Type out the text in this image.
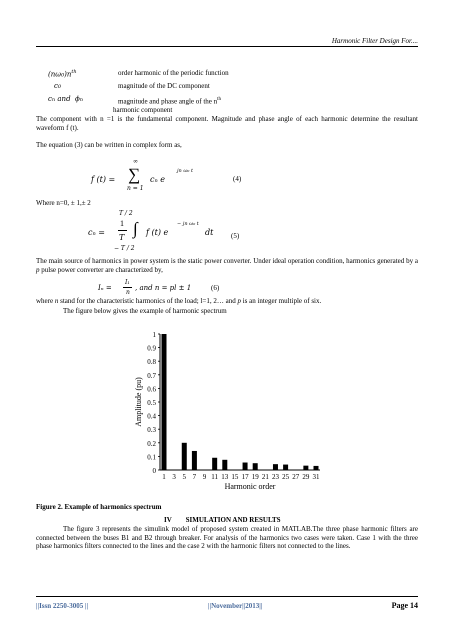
Harmonic Filter Design For....
$(n\omega 0)n^{th}$	order harmonic of the periodic function
c0	magnitude of the DC component
cn and  ϕn	magnitude and phase angle of the $n^{th}$
harmonic component

The component with n =1 is the fundamental component. Magnitude and phase angle of each harmonic determine the resultant waveform f (t).

The equation (3) can be written in complex form as,

f (t) =
∞
∑
n = 1
cₙ e
jn ω₀ t
(4)
Where n=0, ± 1,± 2
cₙ =
1
T
T / 2
∫
− T / 2
f (t) e
− jn ω₀ t
dt	(5)

The main source of harmonics in power system is the static power converter. Under ideal operation condition, harmonics generated by a p pulse power converter are characterized by,

Iₙ =
I₁
n
, and n = pl ± 1	(6)

where n stand for the characteristic harmonics of the load; l=1, 2… and p is an integer multiple of six.

The figure below gives the example of harmonic spectrum

0
0.1
0.2
0.3
0.4
0.5
0.6
0.7
0.8
0.9
1
1 3 5 7 9 11 13 15 17 19 21 23 25 27 29 31
Amplitude (pu)
Harmonic order
Figure 2. Example of harmonics spectrum
IV        SIMULATION AND RESULTS

The figure 3 represents the simulink model of proposed system created in MATLAB.The three phase harmonic filters are connected between the buses B1 and B2 through breaker. For analysis of the harmonics two cases were taken. Case 1 with the three phase harmonics filters connected to the lines and the case 2 with the harmonic filters not connected to the lines.

||Issn 2250-3005 ||	||November||2013||	Page 14
